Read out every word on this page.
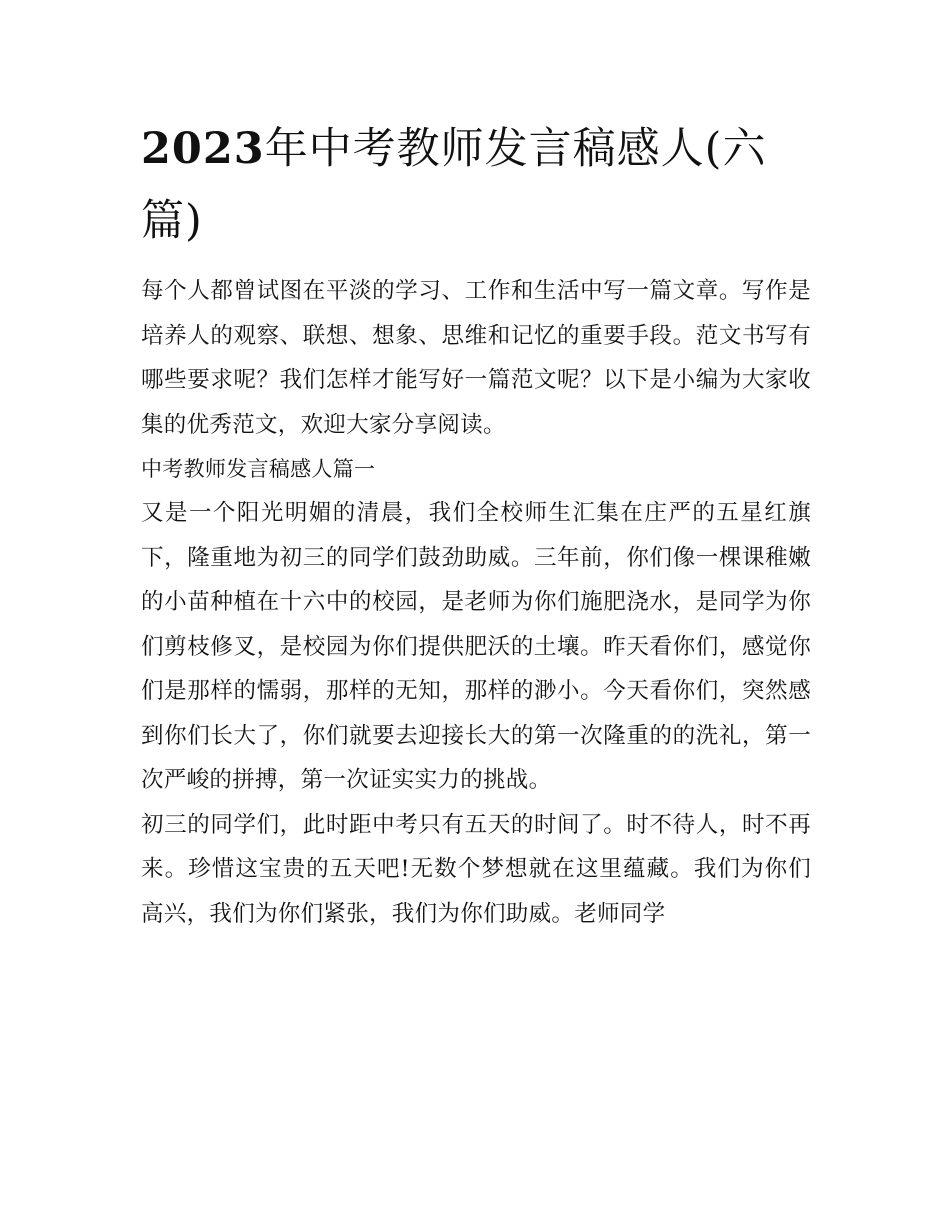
2023年中考教师发言稿感人(六篇)

每个人都曾试图在平淡的学习、工作和生活中写一篇文章。写作是培养人的观察、联想、想象、思维和记忆的重要手段。范文书写有哪些要求呢？我们怎样才能写好一篇范文呢？以下是小编为大家收集的优秀范文，欢迎大家分享阅读。

中考教师发言稿感人篇一

又是一个阳光明媚的清晨，我们全校师生汇集在庄严的五星红旗下，隆重地为初三的同学们鼓劲助威。三年前，你们像一棵课稚嫩的小苗种植在十六中的校园，是老师为你们施肥浇水，是同学为你们剪枝修叉，是校园为你们提供肥沃的土壤。昨天看你们，感觉你们是那样的懦弱，那样的无知，那样的渺小。今天看你们，突然感到你们长大了，你们就要去迎接长大的第一次隆重的的洗礼，第一次严峻的拼搏，第一次证实实力的挑战。

初三的同学们，此时距中考只有五天的时间了。时不待人，时不再来。珍惜这宝贵的五天吧!无数个梦想就在这里蕴藏。我们为你们高兴，我们为你们紧张，我们为你们助威。老师同学
